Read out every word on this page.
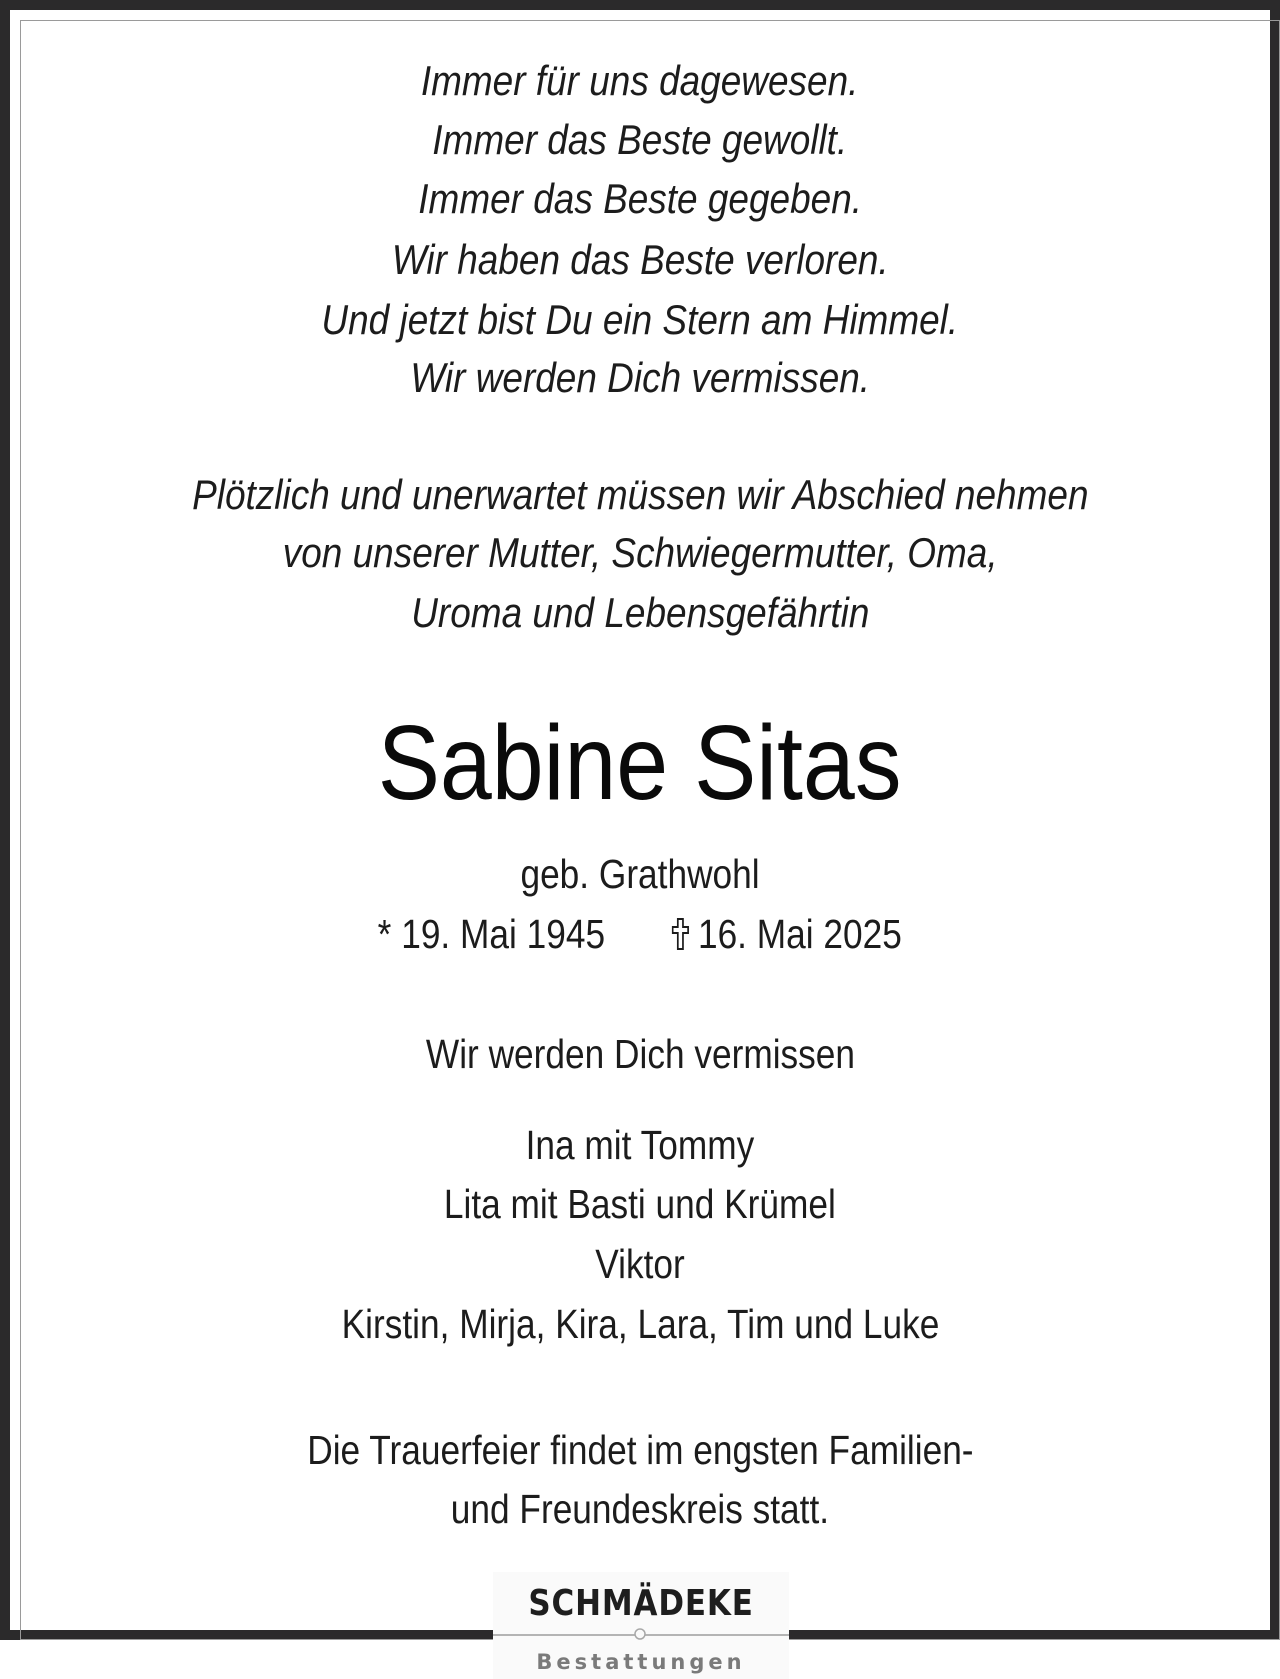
Immer für uns dagewesen.
Immer das Beste gewollt.
Immer das Beste gegeben.
Wir haben das Beste verloren.
Und jetzt bist Du ein Stern am Himmel.
Wir werden Dich vermissen.
Plötzlich und unerwartet müssen wir Abschied nehmen
von unserer Mutter, Schwiegermutter, Oma,
Uroma und Lebensgefährtin
Sabine Sitas
geb. Grathwohl
* 19. Mai 1945 16. Mai 2025
Wir werden Dich vermissen
Ina mit Tommy
Lita mit Basti und Krümel
Viktor
Kirstin, Mirja, Kira, Lara, Tim und Luke
Die Trauerfeier findet im engsten Familien-
und Freundeskreis statt.
SCHMÄDEKE
Bestattungen
